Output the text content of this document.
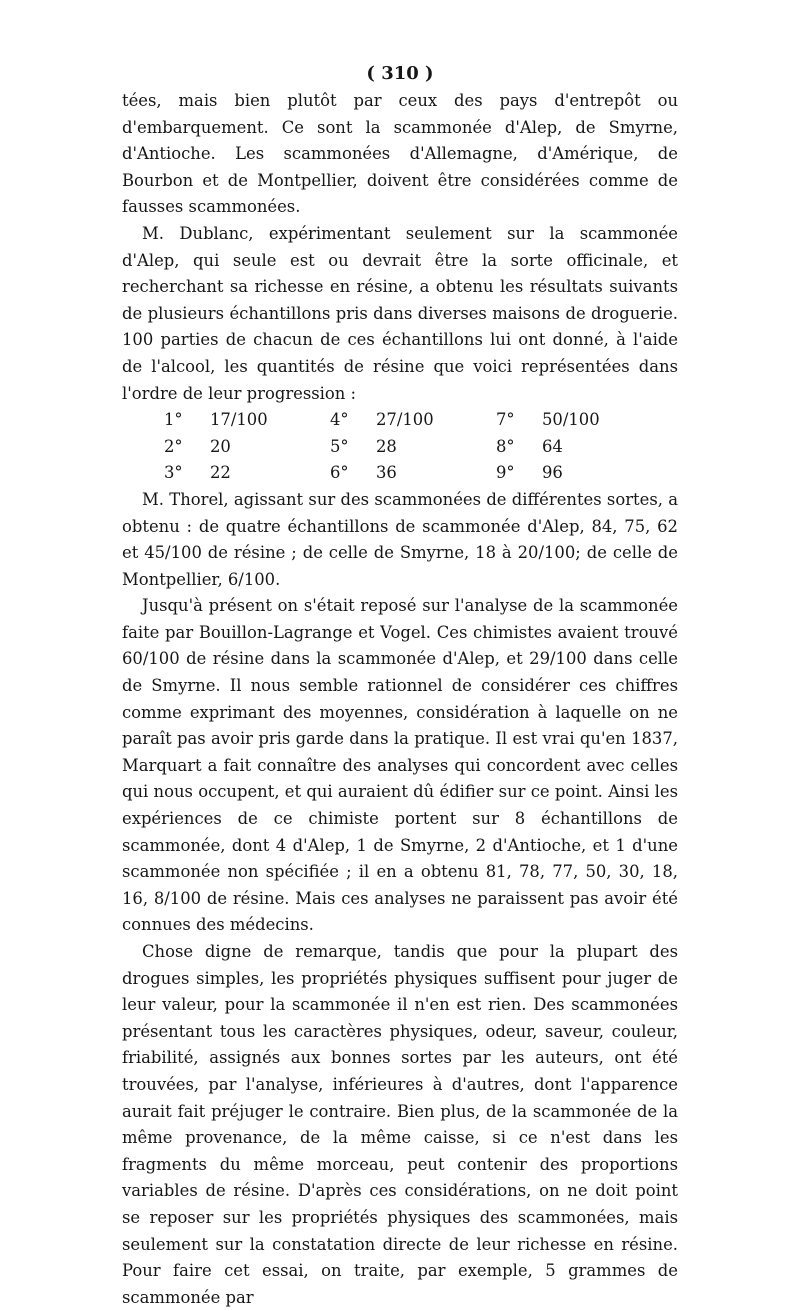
( 310 )

tées, mais bien plutôt par ceux des pays d'entrepôt ou d'embarquement. Ce sont la scammonée d'Alep, de Smyrne, d'Antioche. Les scammonées d'Allemagne, d'Amérique, de Bourbon et de Montpellier, doivent être considérées comme de fausses scammonées.

M. Dublanc, expérimentant seulement sur la scammonée d'Alep, qui seule est ou devrait être la sorte officinale, et recherchant sa richesse en résine, a obtenu les résultats suivants de plusieurs échantillons pris dans diverses maisons de droguerie. 100 parties de chacun de ces échantillons lui ont donné, à l'aide de l'alcool, les quantités de résine que voici représentées dans l'ordre de leur progression :

1°	17/100	4°	27/100	7°	50/100
2°	20	5°	28	8°	64
3°	22	6°	36	9°	96

M. Thorel, agissant sur des scammonées de différentes sortes, a obtenu : de quatre échantillons de scammonée d'Alep, 84, 75, 62 et 45/100 de résine ; de celle de Smyrne, 18 à 20/100; de celle de Montpellier, 6/100.

Jusqu'à présent on s'était reposé sur l'analyse de la scammonée faite par Bouillon-Lagrange et Vogel. Ces chimistes avaient trouvé 60/100 de résine dans la scammonée d'Alep, et 29/100 dans celle de Smyrne. Il nous semble rationnel de considérer ces chiffres comme exprimant des moyennes, considération à laquelle on ne paraît pas avoir pris garde dans la pratique. Il est vrai qu'en 1837, Marquart a fait connaître des analyses qui concordent avec celles qui nous occupent, et qui auraient dû édifier sur ce point. Ainsi les expériences de ce chimiste portent sur 8 échantillons de scammonée, dont 4 d'Alep, 1 de Smyrne, 2 d'Antioche, et 1 d'une scammonée non spécifiée ; il en a obtenu 81, 78, 77, 50, 30, 18, 16, 8/100 de résine. Mais ces analyses ne paraissent pas avoir été connues des médecins.

Chose digne de remarque, tandis que pour la plupart des drogues simples, les propriétés physiques suffisent pour juger de leur valeur, pour la scammonée il n'en est rien. Des scammonées présentant tous les caractères physiques, odeur, saveur, couleur, friabilité, assignés aux bonnes sortes par les auteurs, ont été trouvées, par l'analyse, inférieures à d'autres, dont l'apparence aurait fait préjuger le contraire. Bien plus, de la scammonée de la même provenance, de la même caisse, si ce n'est dans les fragments du même morceau, peut contenir des proportions variables de résine. D'après ces considérations, on ne doit point se reposer sur les propriétés physiques des scammonées, mais seulement sur la constatation directe de leur richesse en résine. Pour faire cet essai, on traite, par exemple, 5 grammes de scammonée par
